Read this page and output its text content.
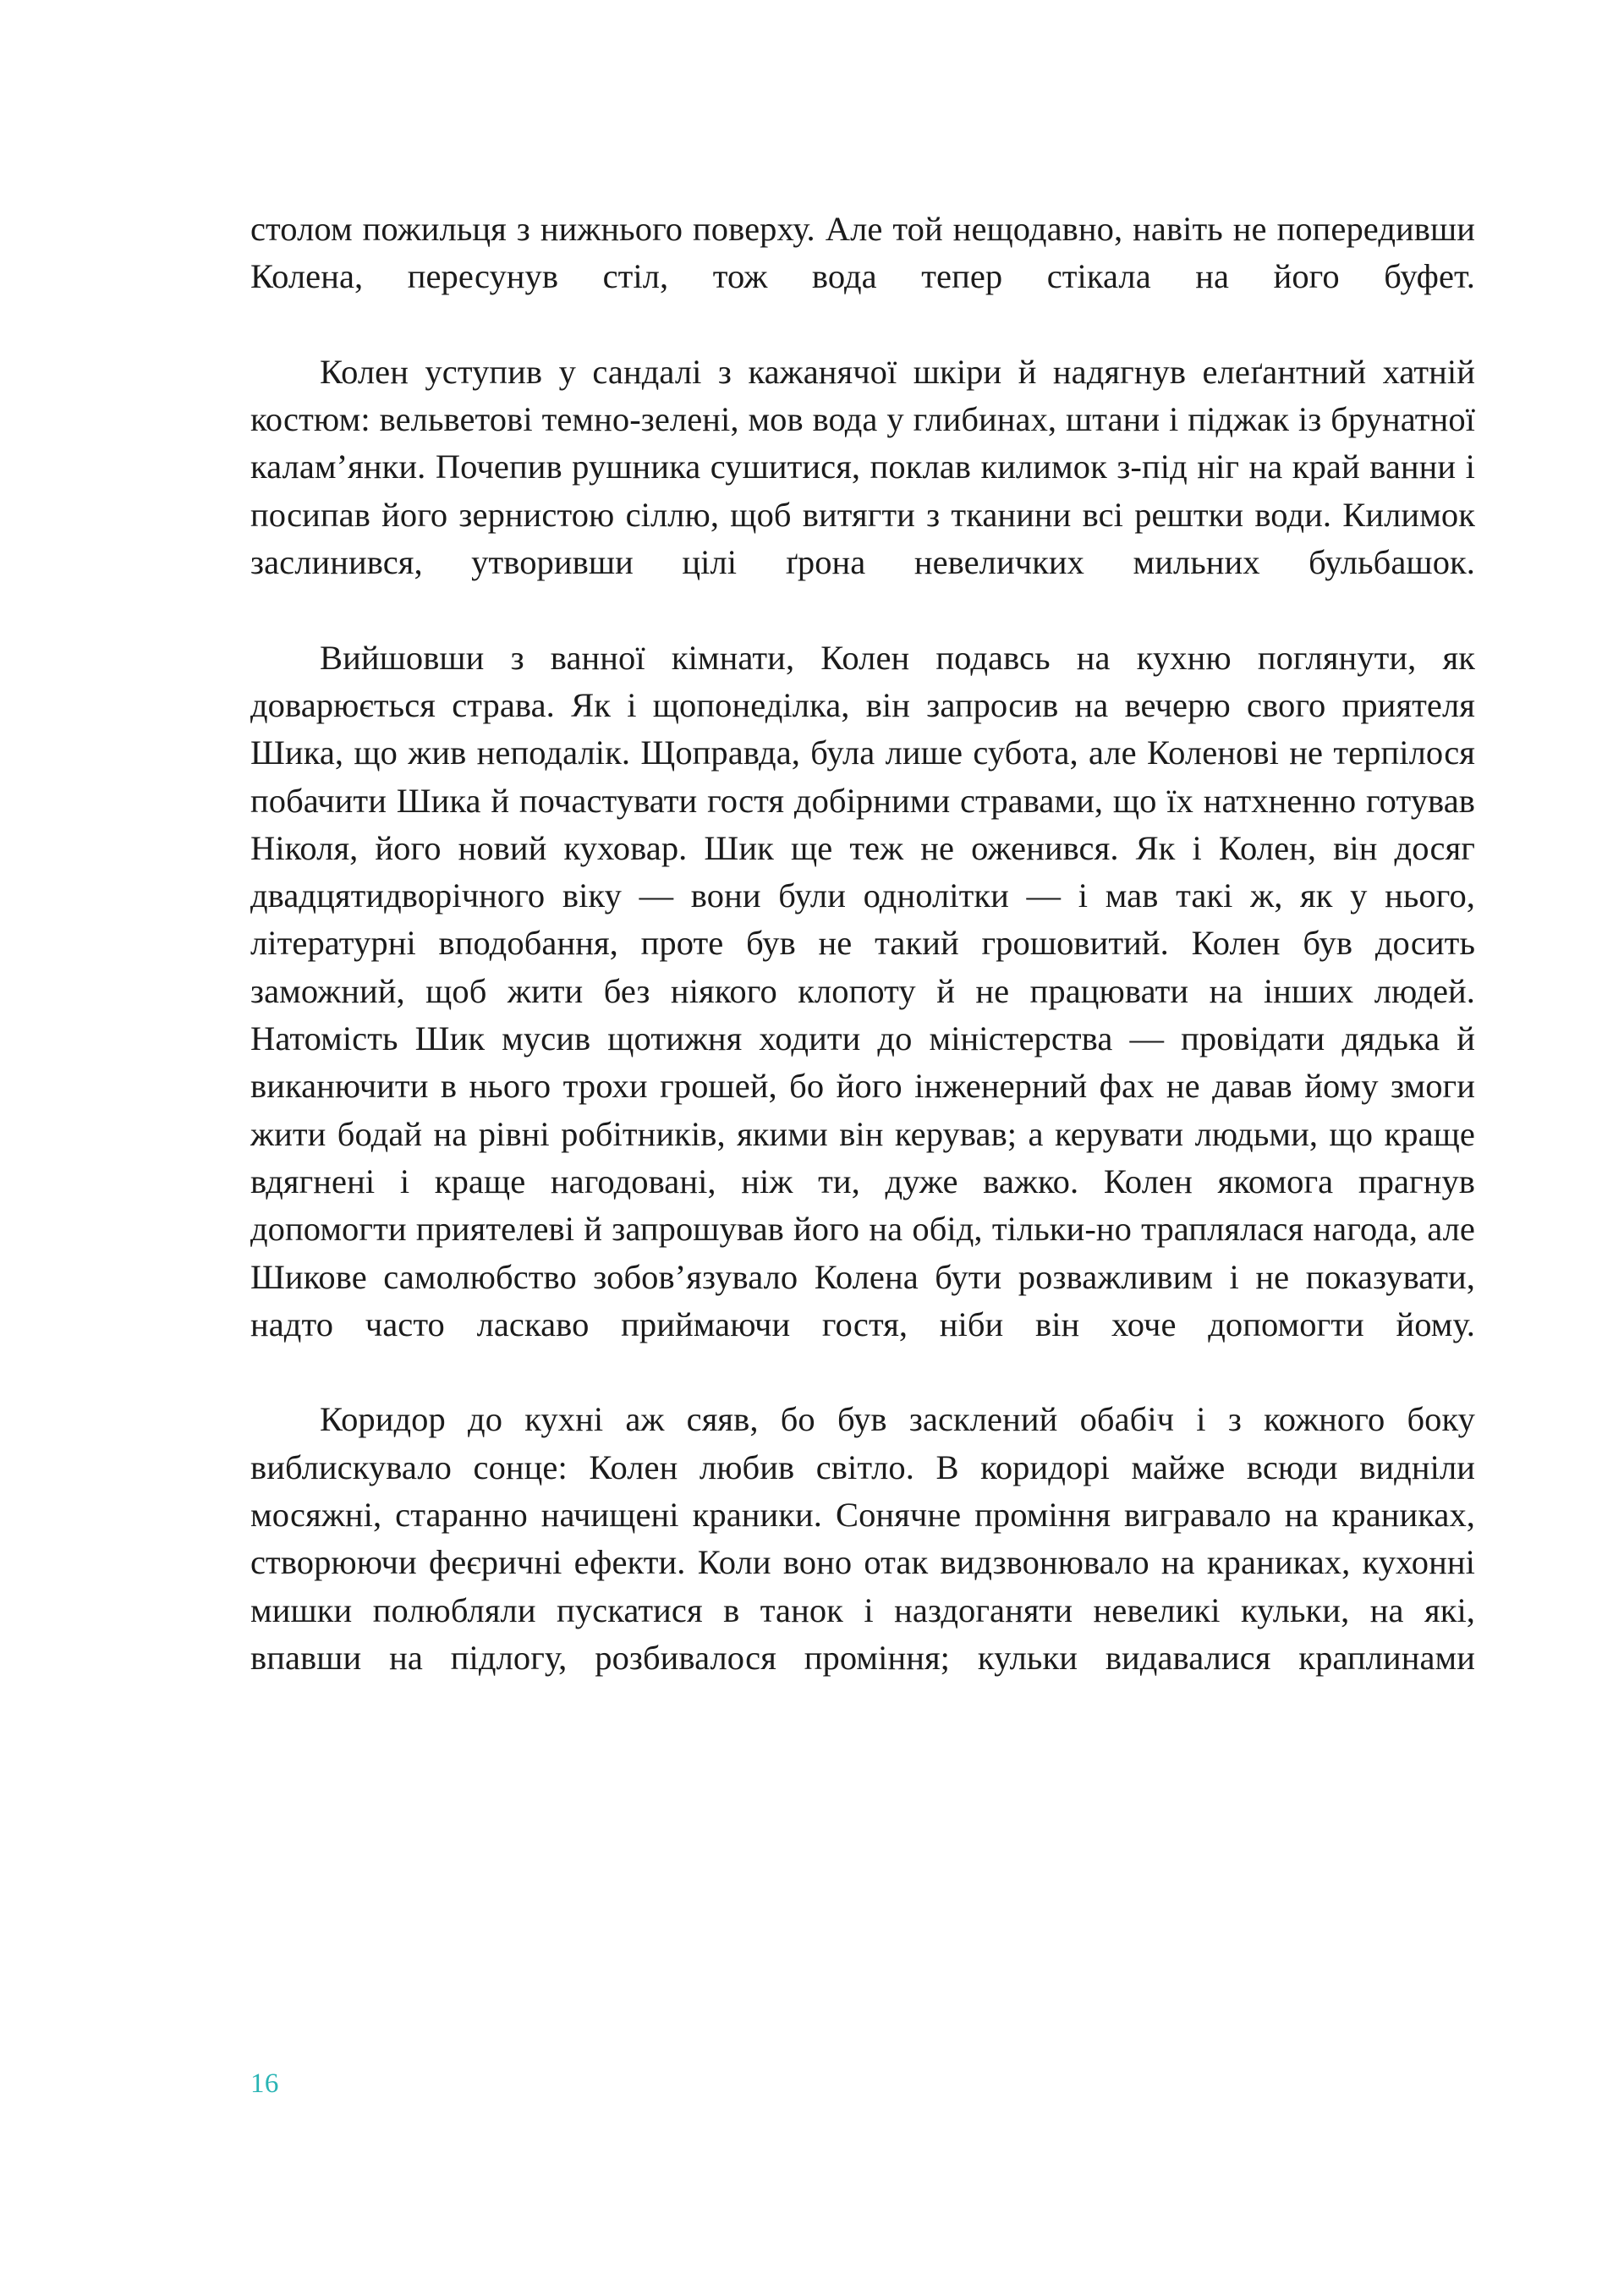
столом пожильця з нижнього поверху. Але той нещодавно, навіть не попередивши Колена, пересунув стіл, тож вода тепер стікала на його буфет.

Колен уступив у сандалі з кажанячої шкіри й надягнув елеґантний хатній костюм: вельветові темно-зелені, мов вода у глибинах, штани і піджак із брунатної калам’янки. Почепив рушника сушитися, поклав килимок з-під ніг на край ванни і посипав його зернистою сіллю, щоб витягти з тканини всі рештки води. Килимок заслинився, утворивши цілі ґрона невеличких мильних бульбашок.

Вийшовши з ванної кімнати, Колен подавсь на кухню поглянути, як доварюється страва. Як і щопонеділка, він запросив на вечерю свого приятеля Шика, що жив неподалік. Щоправда, була лише субота, але Коленові не терпілося побачити Шика й почастувати гостя добірними стравами, що їх натхненно готував Ніколя, його новий куховар. Шик ще теж не оженився. Як і Колен, він досяг двадцятидворічного віку — вони були однолітки — і мав такі ж, як у нього, літературні вподобання, проте був не такий грошовитий. Колен був досить заможний, щоб жити без ніякого клопоту й не працювати на інших людей. Натомість Шик мусив щотижня ходити до міністерства — провідати дядька й виканючити в нього трохи грошей, бо його інженерний фах не давав йому змоги жити бодай на рівні робітників, якими він керував; а керувати людьми, що краще вдягнені і краще нагодовані, ніж ти, дуже важко. Колен якомога прагнув допомогти приятелеві й запрошував його на обід, тільки-но траплялася нагода, але Шикове самолюбство зобов’язувало Колена бути розважливим і не показувати, надто часто ласкаво приймаючи гостя, ніби він хоче допомогти йому.

Коридор до кухні аж сяяв, бо був засклений обабіч і з кожного боку виблискувало сонце: Колен любив світло. В коридорі майже всюди видніли мосяжні, старанно начищені краники. Сонячне проміння вигравало на краниках, створюючи феєричні ефекти. Коли воно отак видзвонювало на краниках, кухонні мишки полюбляли пускатися в танок і наздоганяти невеликі кульки, на які, впавши на підлогу, розбивалося проміння; кульки видавалися краплинами

16
